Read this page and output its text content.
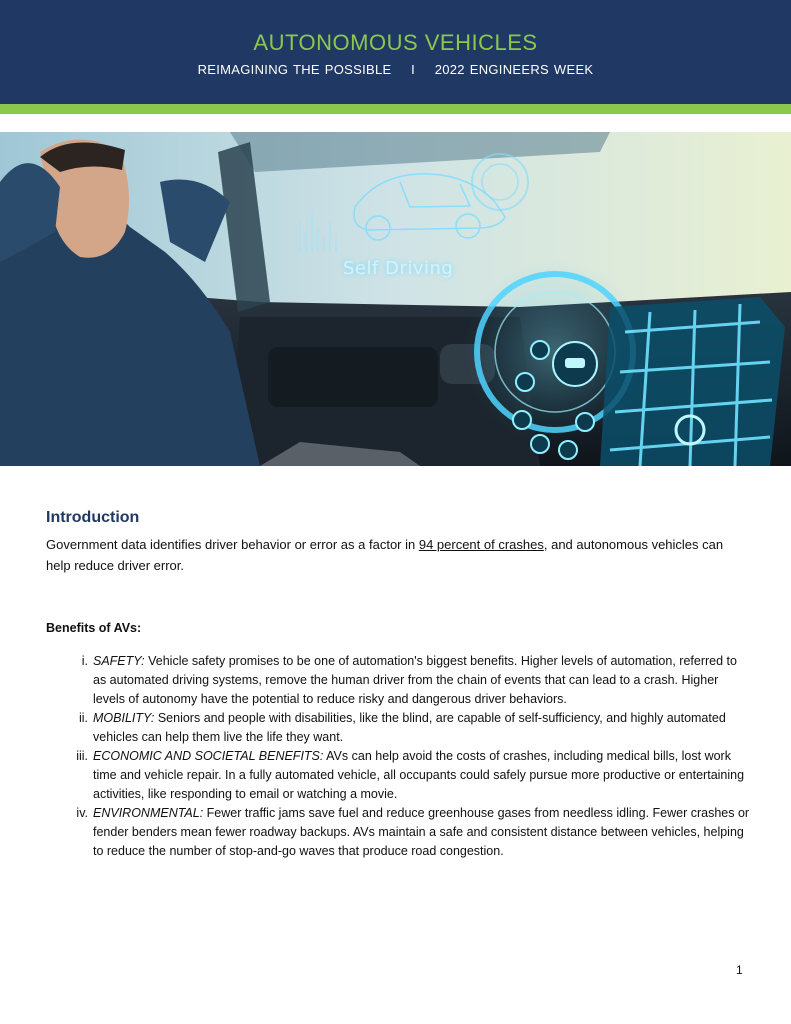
AUTONOMOUS VEHICLES
REIMAGINING THE POSSIBLE    I    2022 ENGINEERS WEEK
Self Driving
Introduction
Government data identifies driver behavior or error as a factor in 94 percent of crashes, and autonomous vehicles can help reduce driver error.
Benefits of AVs:
i. SAFETY: Vehicle safety promises to be one of automation's biggest benefits. Higher levels of automation, referred to as automated driving systems, remove the human driver from the chain of events that can lead to a crash. Higher levels of autonomy have the potential to reduce risky and dangerous driver behaviors.
ii. MOBILITY: Seniors and people with disabilities, like the blind, are capable of self-sufficiency, and highly automated vehicles can help them live the life they want.
iii. ECONOMIC AND SOCIETAL BENEFITS: AVs can help avoid the costs of crashes, including medical bills, lost work time and vehicle repair. In a fully automated vehicle, all occupants could safely pursue more productive or entertaining activities, like responding to email or watching a movie.
iv. ENVIRONMENTAL: Fewer traffic jams save fuel and reduce greenhouse gases from needless idling. Fewer crashes or fender benders mean fewer roadway backups. AVs maintain a safe and consistent distance between vehicles, helping to reduce the number of stop-and-go waves that produce road congestion.
1
